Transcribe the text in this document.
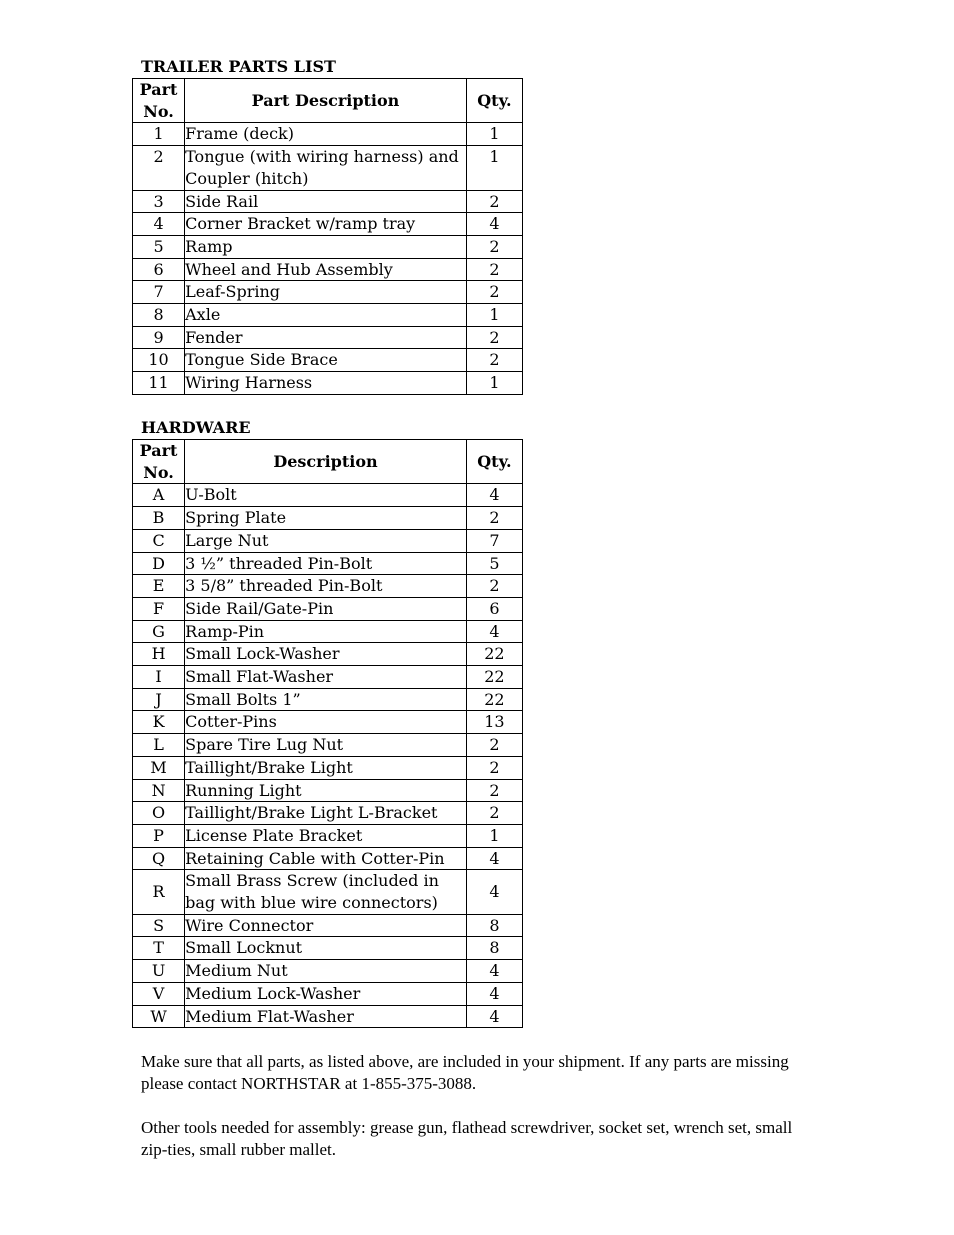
TRAILER PARTS LIST
Part No.	Part Description	Qty.
1	Frame (deck)	1
2	Tongue (with wiring harness) and Coupler (hitch)	1
3	Side Rail	2
4	Corner Bracket w/ramp tray	4
5	Ramp	2
6	Wheel and Hub Assembly	2
7	Leaf-Spring	2
8	Axle	1
9	Fender	2
10	Tongue Side Brace	2
11	Wiring Harness	1
HARDWARE
Part No.	Description	Qty.
A	U-Bolt	4
B	Spring Plate	2
C	Large Nut	7
D	3 ½” threaded Pin-Bolt	5
E	3 5/8” threaded Pin-Bolt	2
F	Side Rail/Gate-Pin	6
G	Ramp-Pin	4
H	Small Lock-Washer	22
I	Small Flat-Washer	22
J	Small Bolts 1”	22
K	Cotter-Pins	13
L	Spare Tire Lug Nut	2
M	Taillight/Brake Light	2
N	Running Light	2
O	Taillight/Brake Light L-Bracket	2
P	License Plate Bracket	1
Q	Retaining Cable with Cotter-Pin	4
R	Small Brass Screw (included in bag with blue wire connectors)	4
S	Wire Connector	8
T	Small Locknut	8
U	Medium Nut	4
V	Medium Lock-Washer	4
W	Medium Flat-Washer	4

Make sure that all parts, as listed above, are included in your shipment. If any parts are missing please contact NORTHSTAR at 1-855-375-3088.

Other tools needed for assembly: grease gun, flathead screwdriver, socket set, wrench set, small zip-ties, small rubber mallet.
